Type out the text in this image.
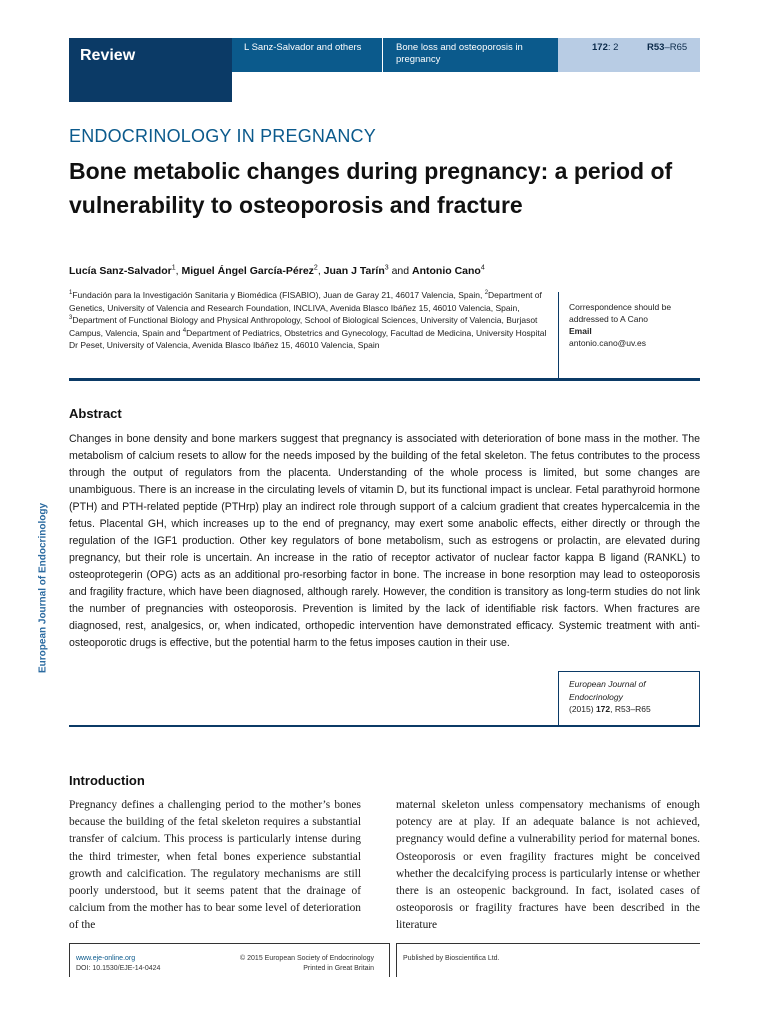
Review	L Sanz-Salvador and others	Bone loss and osteoporosis in pregnancy
172: 2	R53–R65
ENDOCRINOLOGY IN PREGNANCY
Bone metabolic changes during pregnancy: a period of vulnerability to osteoporosis and fracture
Lucía Sanz-Salvador$^1$, Miguel Ángel García-Pérez$^2$, Juan J Tarín$^3$ and Antonio Cano$^4$
$^1$Fundación para la Investigación Sanitaria y Biomédica (FISABIO), Juan de Garay 21, 46017 Valencia, Spain, $^2$Department of Genetics, University of Valencia and Research Foundation, INCLIVA, Avenida Blasco Ibáñez 15, 46010 Valencia, Spain, $^3$Department of Functional Biology and Physical Anthropology, School of Biological Sciences, University of Valencia, Burjasot Campus, Valencia, Spain and $^4$Department of Pediatrics, Obstetrics and Gynecology, Facultad de Medicina, University Hospital Dr Peset, University of Valencia, Avenida Blasco Ibáñez 15, 46010 Valencia, Spain
Correspondence should be addressed to A Cano
Email
antonio.cano@uv.es
European Journal of Endocrinology
Abstract

Changes in bone density and bone markers suggest that pregnancy is associated with deterioration of bone mass in the mother. The metabolism of calcium resets to allow for the needs imposed by the building of the fetal skeleton. The fetus contributes to the process through the output of regulators from the placenta. Understanding of the whole process is limited, but some changes are unambiguous. There is an increase in the circulating levels of vitamin D, but its functional impact is unclear. Fetal parathyroid hormone (PTH) and PTH-related peptide (PTHrp) play an indirect role through support of a calcium gradient that creates hypercalcemia in the fetus. Placental GH, which increases up to the end of pregnancy, may exert some anabolic effects, either directly or through the regulation of the IGF1 production. Other key regulators of bone metabolism, such as estrogens or prolactin, are elevated during pregnancy, but their role is uncertain. An increase in the ratio of receptor activator of nuclear factor kappa B ligand (RANKL) to osteoprotegerin (OPG) acts as an additional pro-resorbing factor in bone. The increase in bone resorption may lead to osteoporosis and fragility fracture, which have been diagnosed, although rarely. However, the condition is transitory as long-term studies do not link the number of pregnancies with osteoporosis. Prevention is limited by the lack of identifiable risk factors. When fractures are diagnosed, rest, analgesics, or, when indicated, orthopedic intervention have demonstrated efficacy. Systemic treatment with anti-osteoporotic drugs is effective, but the potential harm to the fetus imposes caution in their use.

European Journal of Endocrinology
(2015) 172, R53–R65
Introduction

Pregnancy defines a challenging period to the mother’s bones because the building of the fetal skeleton requires a substantial transfer of calcium. This process is particularly intense during the third trimester, when fetal bones experience substantial growth and calcification. The regulatory mechanisms are still poorly understood, but it seems patent that the drainage of calcium from the mother has to bear some level of deterioration of the

maternal skeleton unless compensatory mechanisms of enough potency are at play. If an adequate balance is not achieved, pregnancy would define a vulnerability period for maternal bones. Osteoporosis or even fragility fractures might be conceived whether the decalcifying process is particularly intense or whether there is an osteopenic background. In fact, isolated cases of osteoporosis or fragility fractures have been described in the literature

www.eje-online.org
DOI: 10.1530/EJE-14-0424
© 2015 European Society of Endocrinology
Printed in Great Britain
Published by Bioscientifica Ltd.
